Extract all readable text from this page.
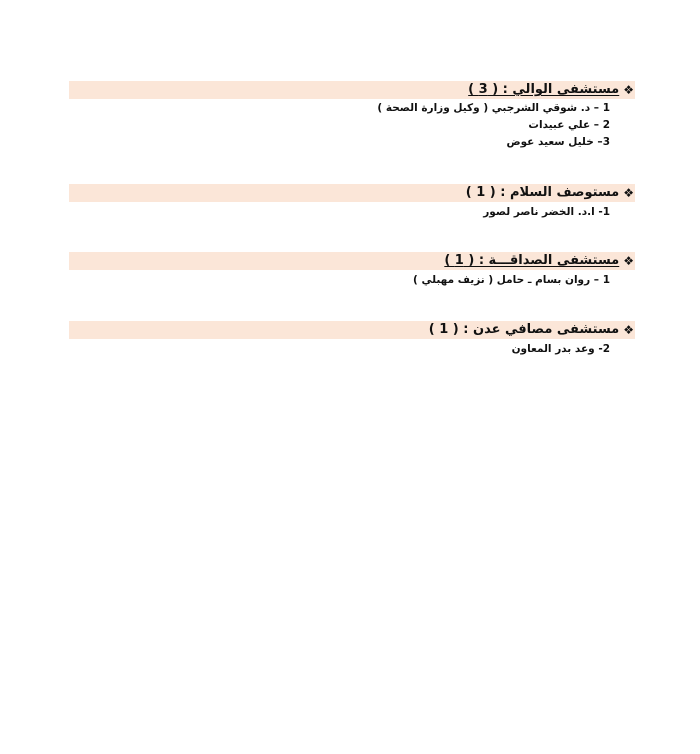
❖
مستشفى الوالي : ( 3 )
1 – د. شوقي الشرجبي ( وكيل وزارة الصحة )
2 – علي عبيدات
3– خليل سعيد عوض
❖
مستوصف السلام : ( 1 )
1- ا.د. الخضر ناصر لصور
❖
مستشفى الصداقـــة : ( 1 )
1 – روان بسام ـ حامل ( نزيف مهبلي )
❖
مستشفى مصافي عدن : ( 1 )
2- وعد بدر المعاون
